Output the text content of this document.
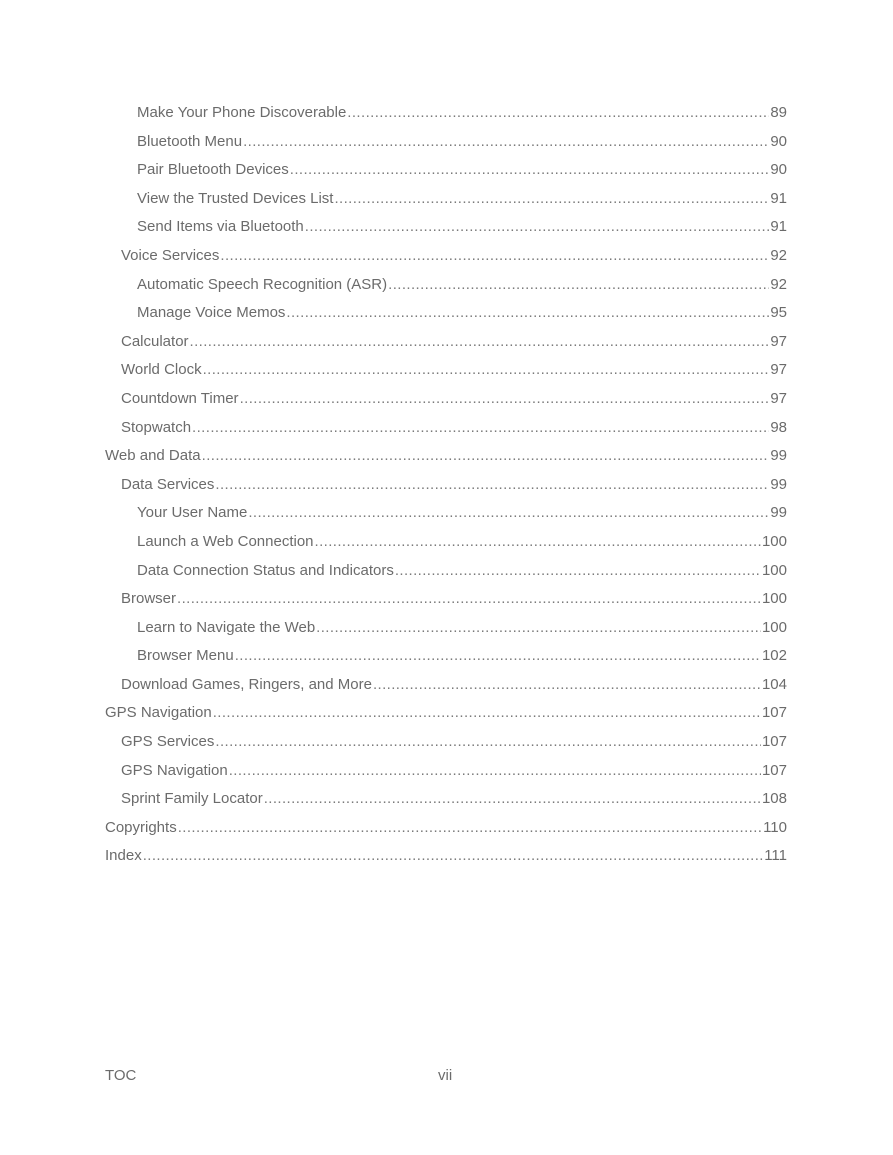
Make Your Phone Discoverable .....	89
Bluetooth Menu .....	90
Pair Bluetooth Devices .....	90
View the Trusted Devices List .....	91
Send Items via Bluetooth .....	91
Voice Services .....	92
Automatic Speech Recognition (ASR) .....	92
Manage Voice Memos .....	95
Calculator .....	97
World Clock .....	97
Countdown Timer .....	97
Stopwatch .....	98
Web and Data .....	99
Data Services .....	99
Your User Name .....	99
Launch a Web Connection .....	100
Data Connection Status and Indicators .....	100
Browser .....	100
Learn to Navigate the Web .....	100
Browser Menu .....	102
Download Games, Ringers, and More .....	104
GPS Navigation .....	107
GPS Services .....	107
GPS Navigation .....	107
Sprint Family Locator .....	108
Copyrights .....	110
Index .....	111
TOC	vii
